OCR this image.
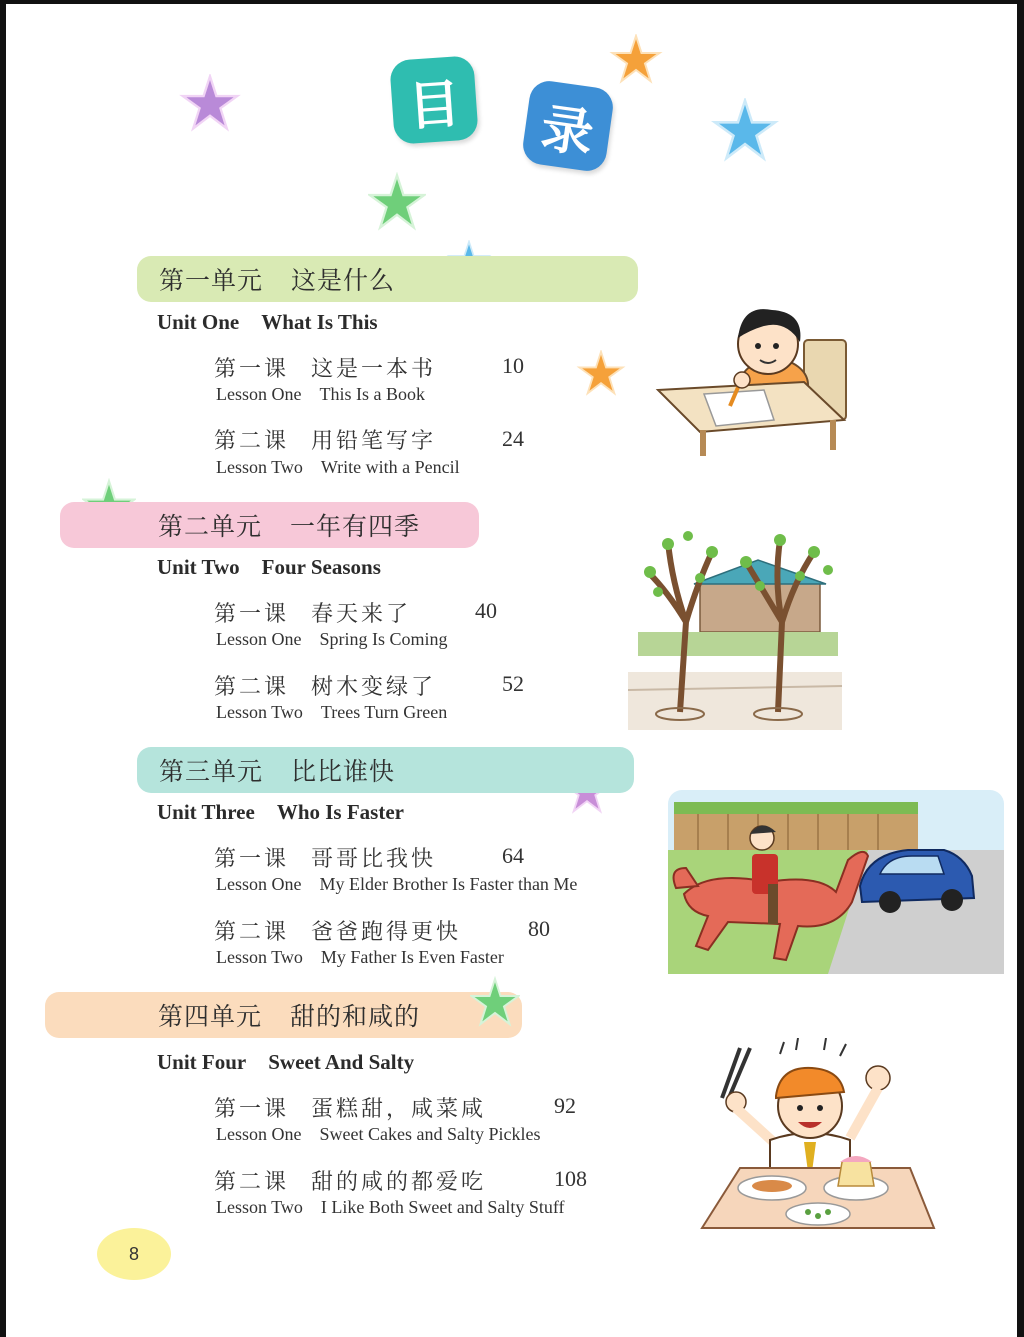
目	录
第一单元 这是什么
Unit One What Is This
第一课 这是一本书	10
Lesson One This Is a Book
第二课 用铅笔写字	24
Lesson Two Write with a Pencil
第二单元 一年有四季
Unit Two Four Seasons
第一课 春天来了	40
Lesson One Spring Is Coming
第二课 树木变绿了	52
Lesson Two Trees Turn Green
第三单元 比比谁快
Unit Three Who Is Faster
第一课 哥哥比我快	64
Lesson One My Elder Brother Is Faster than Me
第二课 爸爸跑得更快	80
Lesson Two My Father Is Even Faster
第四单元 甜的和咸的
Unit Four Sweet And Salty
第一课 蛋糕甜，咸菜咸	92
Lesson One Sweet Cakes and Salty Pickles
第二课 甜的咸的都爱吃	108
Lesson Two I Like Both Sweet and Salty Stuff
8
